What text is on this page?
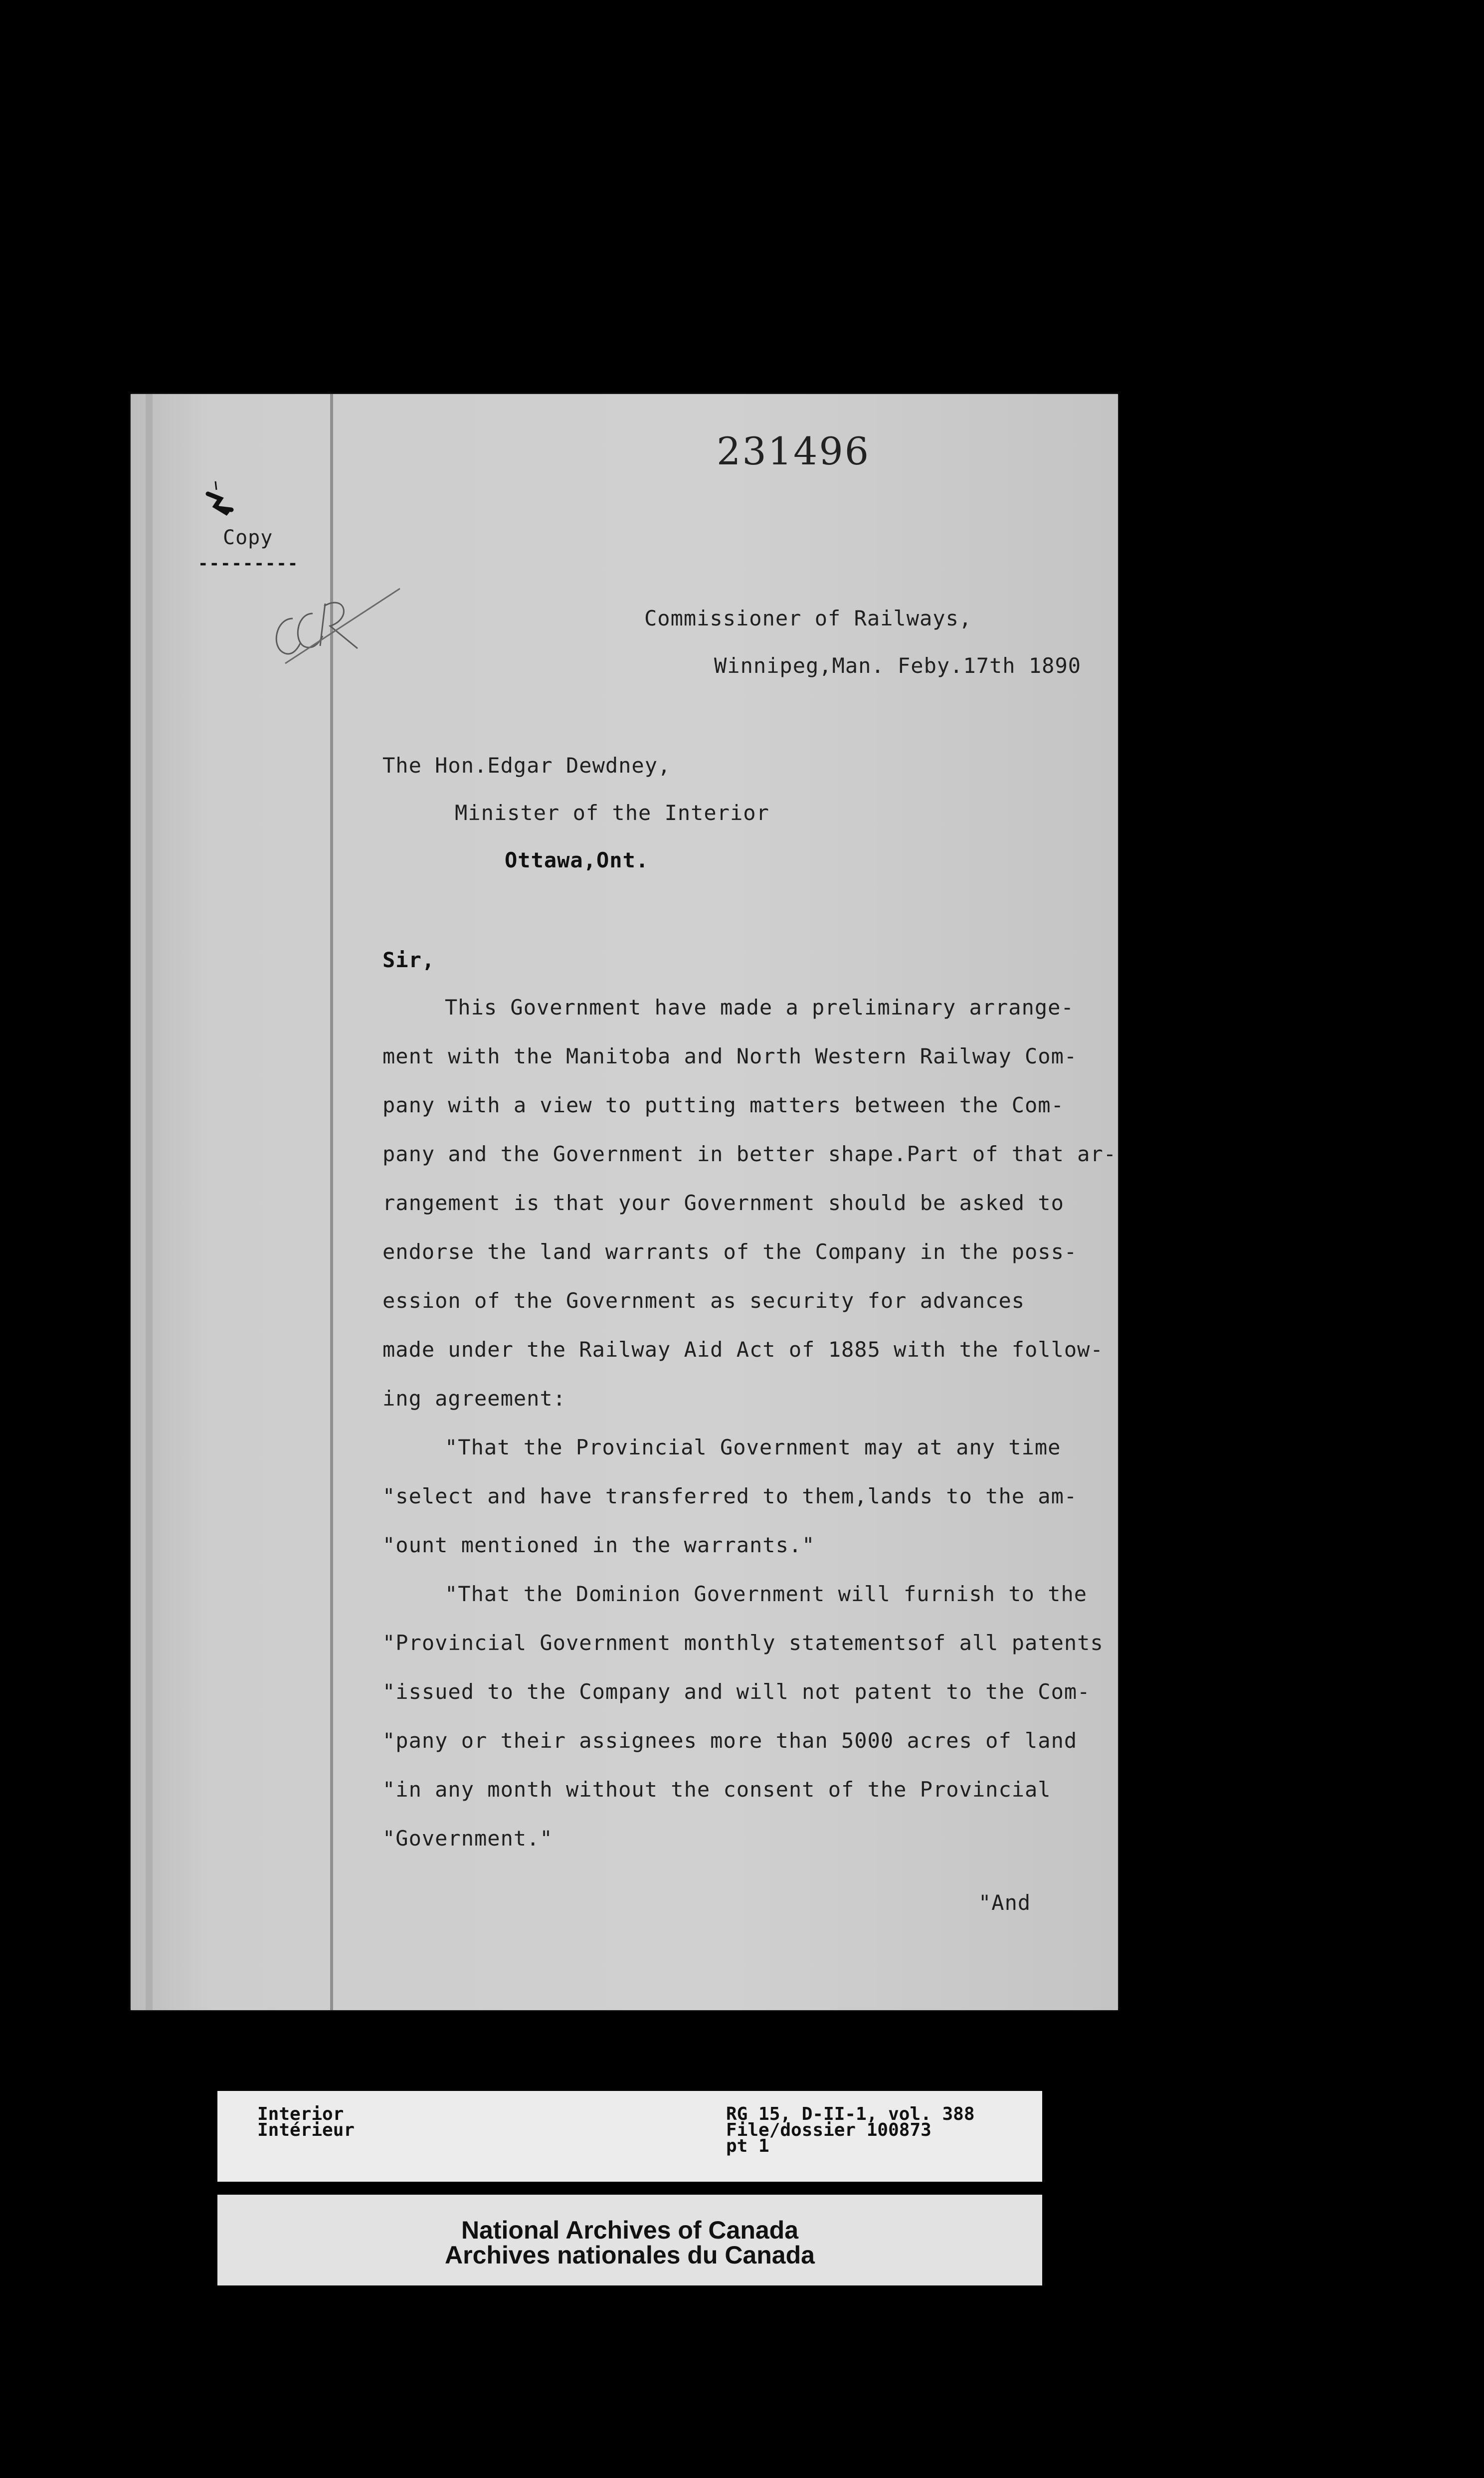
231496
Copy
---------
Commissioner of Railways,
Winnipeg,Man. Feby.17th 1890
The Hon.Edgar Dewdney,
Minister of the Interior
Ottawa,Ont.
Sir,
This Government have made a preliminary arrange-
ment with the Manitoba and North Western Railway Com-
pany with a view to putting matters between the Com-
pany and the Government in better shape.Part of that ar-
rangement is that your Government should be asked to
endorse the land warrants of the Company in the poss-
ession of the Government as security for advances
made under the Railway Aid Act of 1885 with the follow-
ing agreement:
"That the Provincial Government may at any time
"select and have transferred to them,lands to the am-
"ount mentioned in the warrants."
"That the Dominion Government will furnish to the
"Provincial Government monthly statementsof all patents
"issued to the Company and will not patent to the Com-
"pany or their assignees more than 5000 acres of land
"in any month without the consent of the Provincial
"Government."
"And
Interior
Intérieur
RG 15, D-II-1, vol. 388
File/dossier 100873
pt 1
National Archives of Canada
Archives nationales du Canada
